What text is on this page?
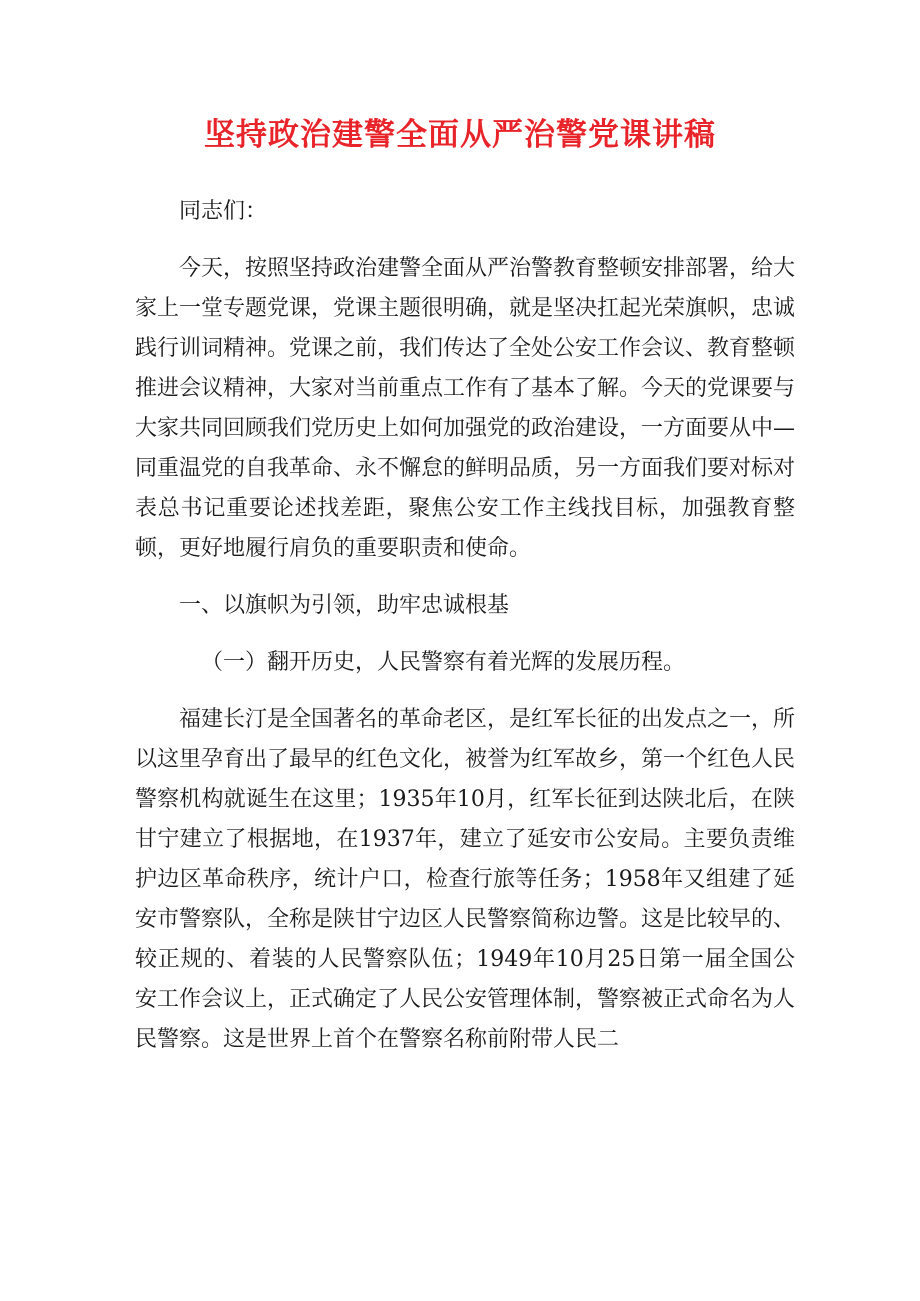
坚持政治建警全面从严治警党课讲稿

同志们：

今天，按照坚持政治建警全面从严治警教育整顿安排部署，给大家上一堂专题党课，党课主题很明确，就是坚决扛起光荣旗帜，忠诚践行训词精神。党课之前，我们传达了全处公安工作会议、教育整顿推进会议精神，大家对当前重点工作有了基本了解。今天的党课要与大家共同回顾我们党历史上如何加强党的政治建设，一方面要从中—同重温党的自我革命、永不懈怠的鲜明品质，另一方面我们要对标对表总书记重要论述找差距，聚焦公安工作主线找目标，加强教育整顿，更好地履行肩负的重要职责和使命。

一、以旗帜为引领，助牢忠诚根基

（一）翻开历史，人民警察有着光辉的发展历程。

福建长汀是全国著名的革命老区，是红军长征的出发点之一，所以这里孕育出了最早的红色文化，被誉为红军故乡，第一个红色人民警察机构就诞生在这里；1935年10月，红军长征到达陕北后，在陕甘宁建立了根据地，在1937年，建立了延安市公安局。主要负责维护边区革命秩序，统计户口，检查行旅等任务；1958年又组建了延安市警察队，全称是陕甘宁边区人民警察简称边警。这是比较早的、较正规的、着装的人民警察队伍；1949年10月25日第一届全国公安工作会议上，正式确定了人民公安管理体制，警察被正式命名为人民警察。这是世界上首个在警察名称前附带人民二
